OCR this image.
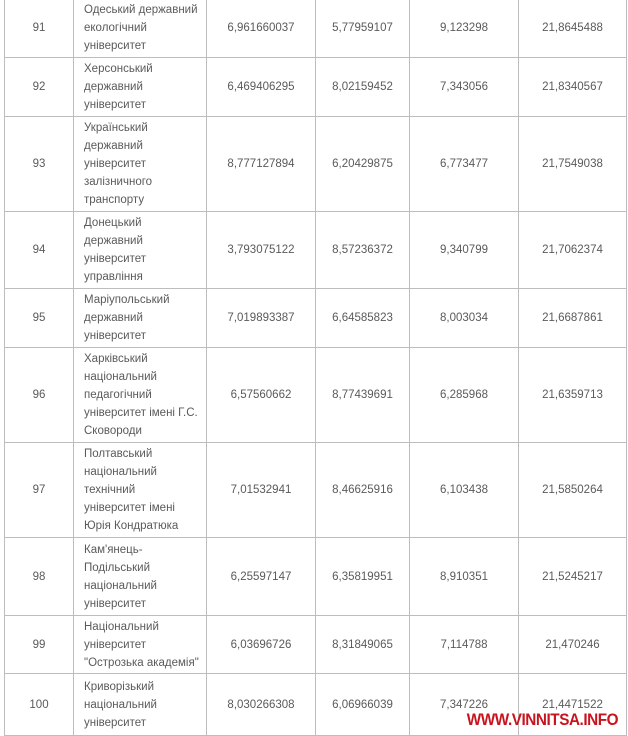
91	Одеський державний екологічний університет	6,961660037	5,77959107	9,123298	21,8645488
92	Херсонський державний університет	6,469406295	8,02159452	7,343056	21,8340567
93	Український державний університет залізничного транспорту	8,777127894	6,20429875	6,773477	21,7549038
94	Донецький державний університет управління	3,793075122	8,57236372	9,340799	21,7062374
95	Маріупольський державний університет	7,019893387	6,64585823	8,003034	21,6687861
96	Харківський національний педагогічний університет імені Г.С. Сковороди	6,57560662	8,77439691	6,285968	21,6359713
97	Полтавський національний технічний університет імені Юрія Кондратюка	7,01532941	8,46625916	6,103438	21,5850264
98	Кам'янець-Подільський національний університет	6,25597147	6,35819951	8,910351	21,5245217
99	Національний університет "Острозька академія"	6,03696726	8,31849065	7,114788	21,470246
100	Криворізький національний університет	8,030266308	6,06966039	7,347226	21,4471522
WWW.VINNITSA.INFO
